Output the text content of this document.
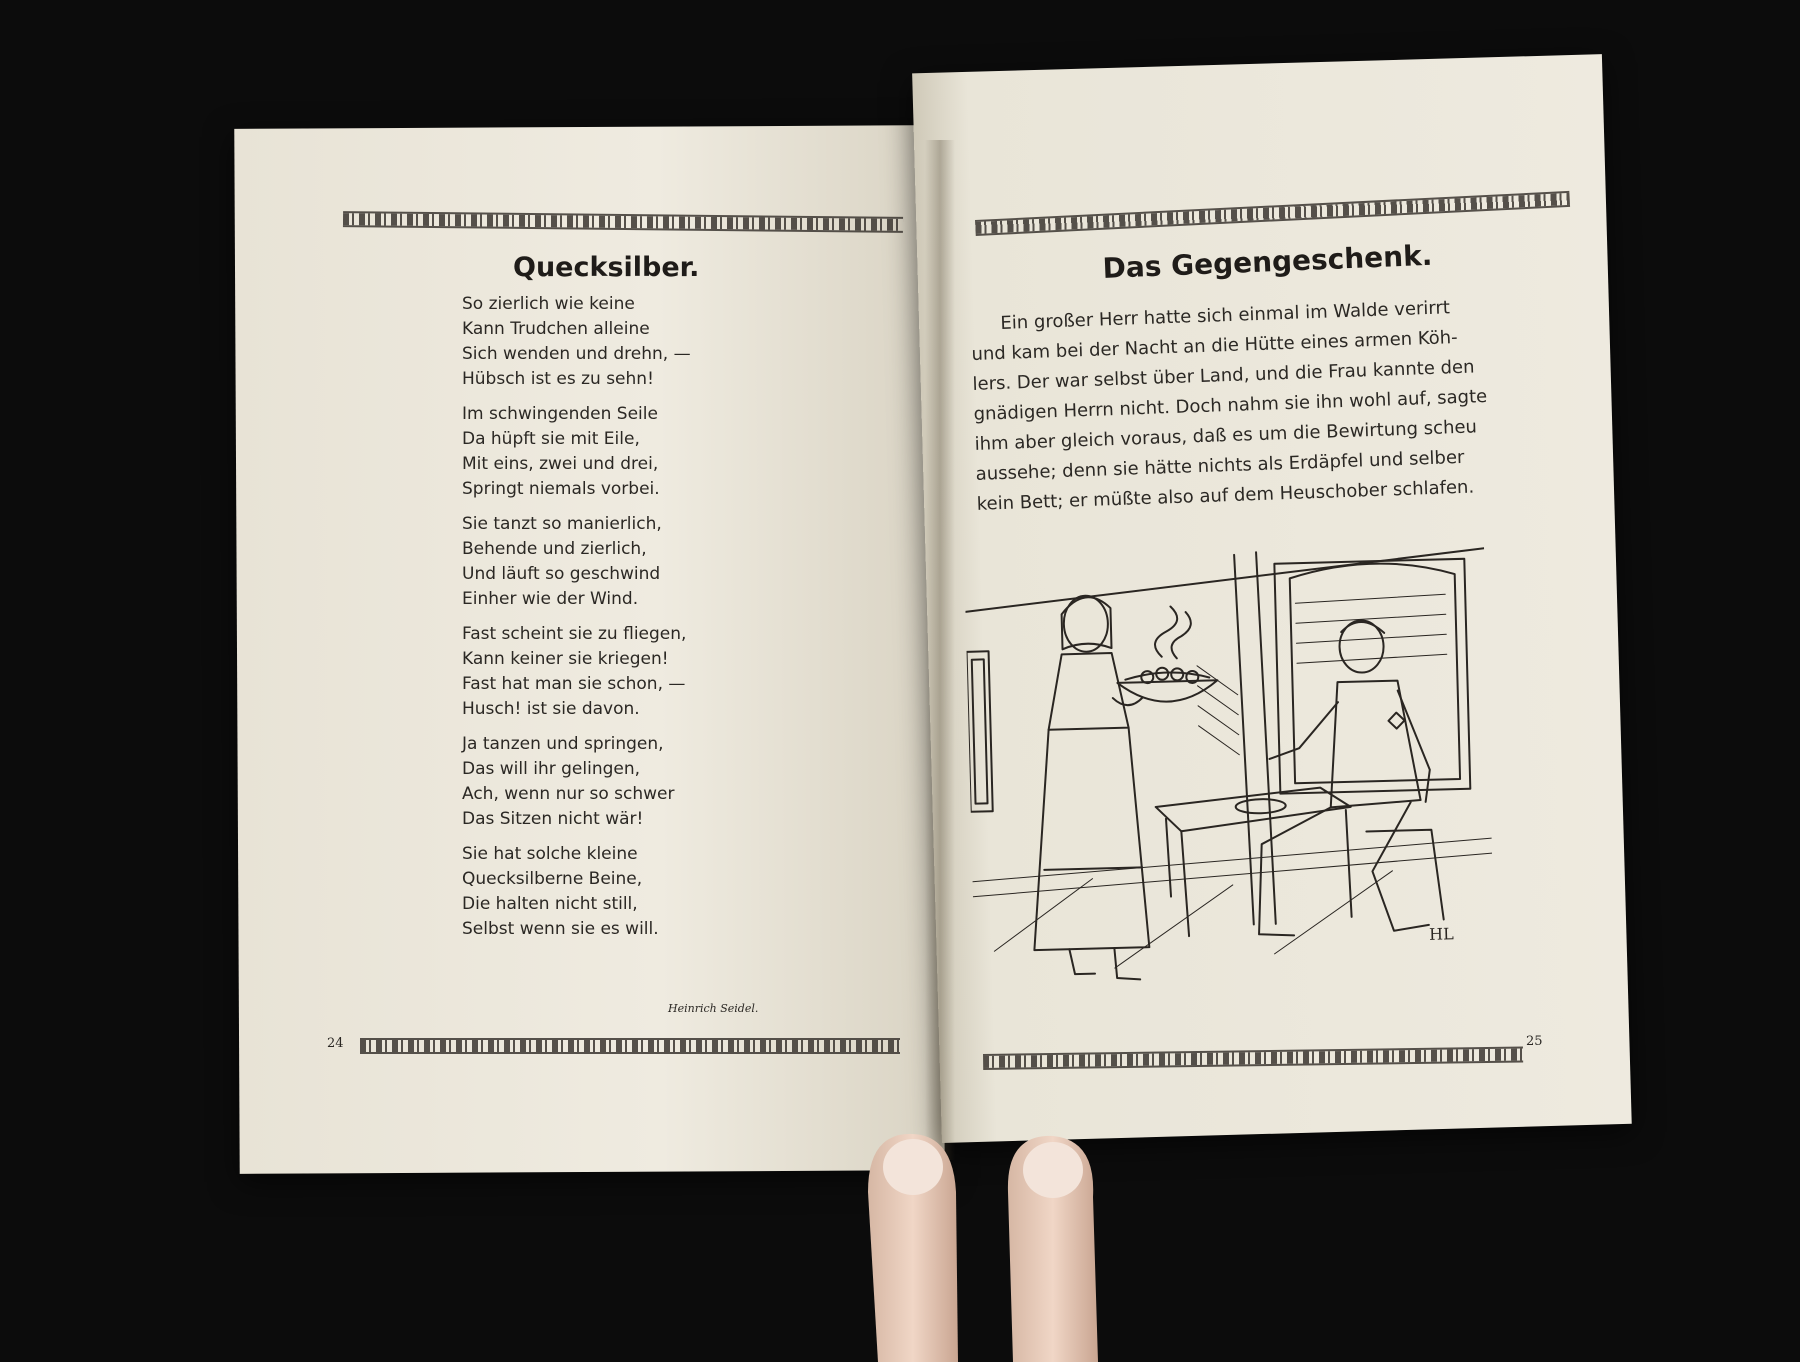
Quecksilber.
So zierlich wie keine
Kann Trudchen alleine
Sich wenden und drehn, —
Hübsch ist es zu sehn!
Im schwingenden Seile
Da hüpft sie mit Eile,
Mit eins, zwei und drei,
Springt niemals vorbei.
Sie tanzt so manierlich,
Behende und zierlich,
Und läuft so geschwind
Einher wie der Wind.
Fast scheint sie zu fliegen,
Kann keiner sie kriegen!
Fast hat man sie schon, —
Husch! ist sie davon.
Ja tanzen und springen,
Das will ihr gelingen,
Ach, wenn nur so schwer
Das Sitzen nicht wär!
Sie hat solche kleine
Quecksilberne Beine,
Die halten nicht still,
Selbst wenn sie es will.
Heinrich Seidel.
24
Das Gegengeschenk.
Ein großer Herr hatte sich einmal im Walde verirrt
und kam bei der Nacht an die Hütte eines armen Köh-
lers. Der war selbst über Land, und die Frau kannte den
gnädigen Herrn nicht. Doch nahm sie ihn wohl auf, sagte
ihm aber gleich voraus, daß es um die Bewirtung scheu
aussehe; denn sie hätte nichts als Erdäpfel und selber
kein Bett; er müßte also auf dem Heuschober schlafen.
25
HL
